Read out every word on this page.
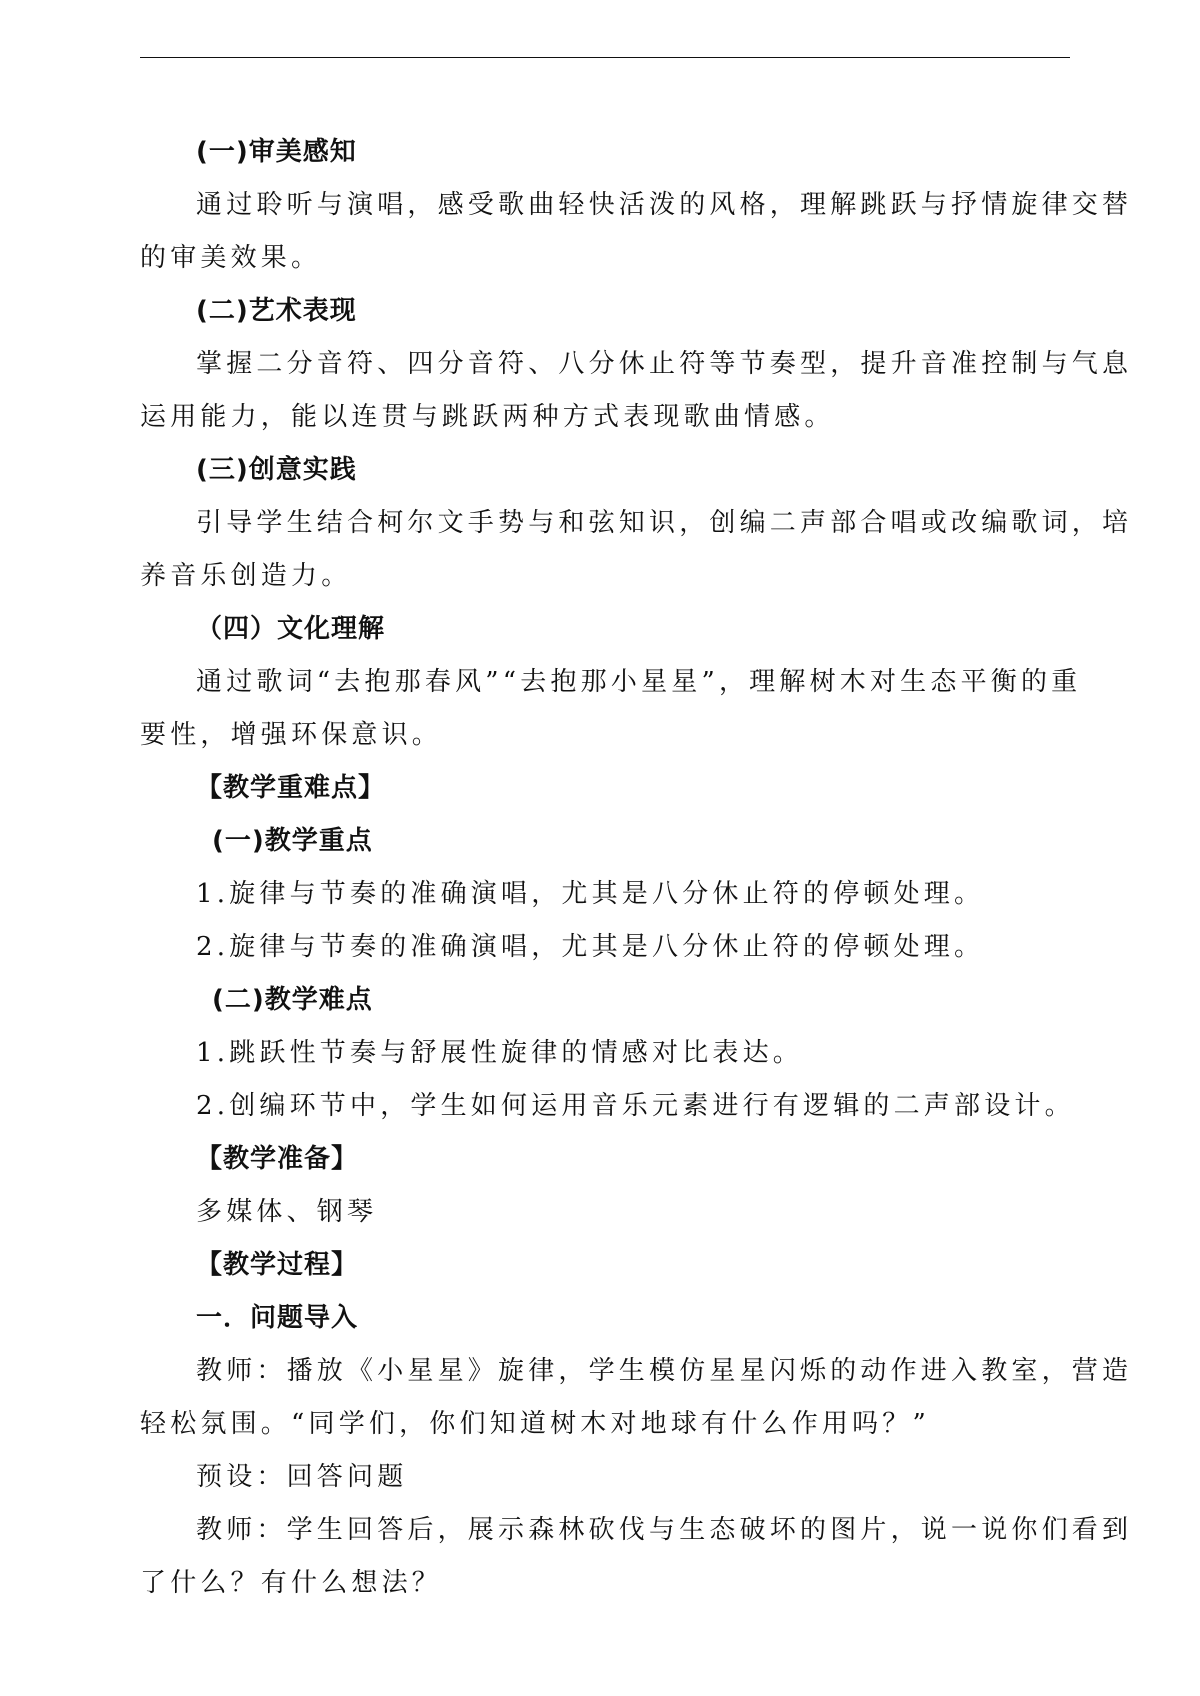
(一)审美感知
通过聆听与演唱，感受歌曲轻快活泼的风格，理解跳跃与抒情旋律交替
的审美效果。
(二)艺术表现
掌握二分音符、四分音符、八分休止符等节奏型，提升音准控制与气息
运用能力，能以连贯与跳跃两种方式表现歌曲情感。
(三)创意实践
引导学生结合柯尔文手势与和弦知识，创编二声部合唱或改编歌词，培
养音乐创造力。
（四）文化理解
通过歌词“去抱那春风”“去抱那小星星”，理解树木对生态平衡的重
要性，增强环保意识。
【教学重难点】
(一)教学重点
1.旋律与节奏的准确演唱，尤其是八分休止符的停顿处理。
2.旋律与节奏的准确演唱，尤其是八分休止符的停顿处理。
(二)教学难点
1.跳跃性节奏与舒展性旋律的情感对比表达。
2.创编环节中，学生如何运用音乐元素进行有逻辑的二声部设计。
【教学准备】
多媒体、钢琴
【教学过程】
一．问题导入
教师：播放《小星星》旋律，学生模仿星星闪烁的动作进入教室，营造
轻松氛围。“同学们，你们知道树木对地球有什么作用吗？”
预设：回答问题
教师：学生回答后，展示森林砍伐与生态破坏的图片，说一说你们看到
了什么？有什么想法？
